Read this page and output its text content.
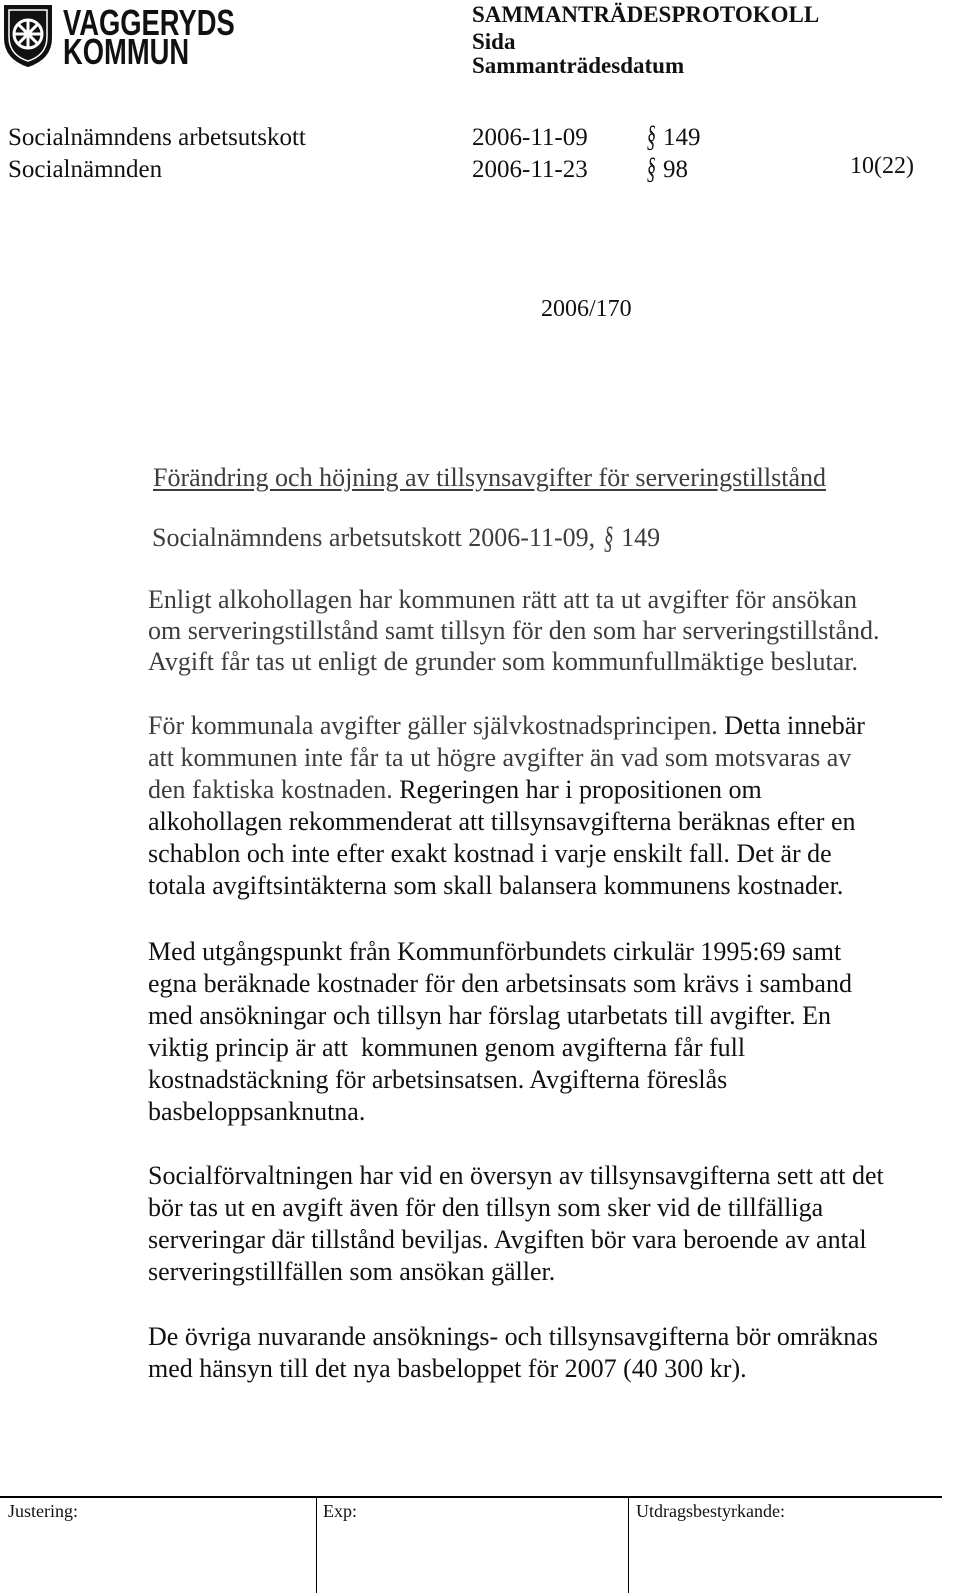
VAGGERYDS
KOMMUN
SAMMANTRÄDESPROTOKOLL
Sida
Sammanträdesdatum
Socialnämndens arbetsutskott	2006-11-09 § 149
Socialnämnden	2006-11-23 § 98	10(22)
2006/170
Förändring och höjning av tillsynsavgifter för serveringstillstånd
Socialnämndens arbetsutskott 2006-11-09, § 149
Enligt alkohollagen har kommunen rätt att ta ut avgifter för ansökan
om serveringstillstånd samt tillsyn för den som har serveringstillstånd.
Avgift får tas ut enligt de grunder som kommunfullmäktige beslutar.
För kommunala avgifter gäller självkostnadsprincipen. Detta innebär
att kommunen inte får ta ut högre avgifter än vad som motsvaras av
den faktiska kostnaden. Regeringen har i propositionen om
alkohollagen rekommenderat att tillsynsavgifterna beräknas efter en
schablon och inte efter exakt kostnad i varje enskilt fall. Det är de
totala avgiftsintäkterna som skall balansera kommunens kostnader.
Med utgångspunkt från Kommunförbundets cirkulär 1995:69 samt
egna beräknade kostnader för den arbetsinsats som krävs i samband
med ansökningar och tillsyn har förslag utarbetats till avgifter. En
viktig princip är att  kommunen genom avgifterna får full
kostnadstäckning för arbetsinsatsen. Avgifterna föreslås
basbeloppsanknutna.
Socialförvaltningen har vid en översyn av tillsynsavgifterna sett att det
bör tas ut en avgift även för den tillsyn som sker vid de tillfälliga
serveringar där tillstånd beviljas. Avgiften bör vara beroende av antal
serveringstillfällen som ansökan gäller.
De övriga nuvarande ansöknings- och tillsynsavgifterna bör omräknas
med hänsyn till det nya basbeloppet för 2007 (40 300 kr).
Justering:	Exp:	Utdragsbestyrkande:
